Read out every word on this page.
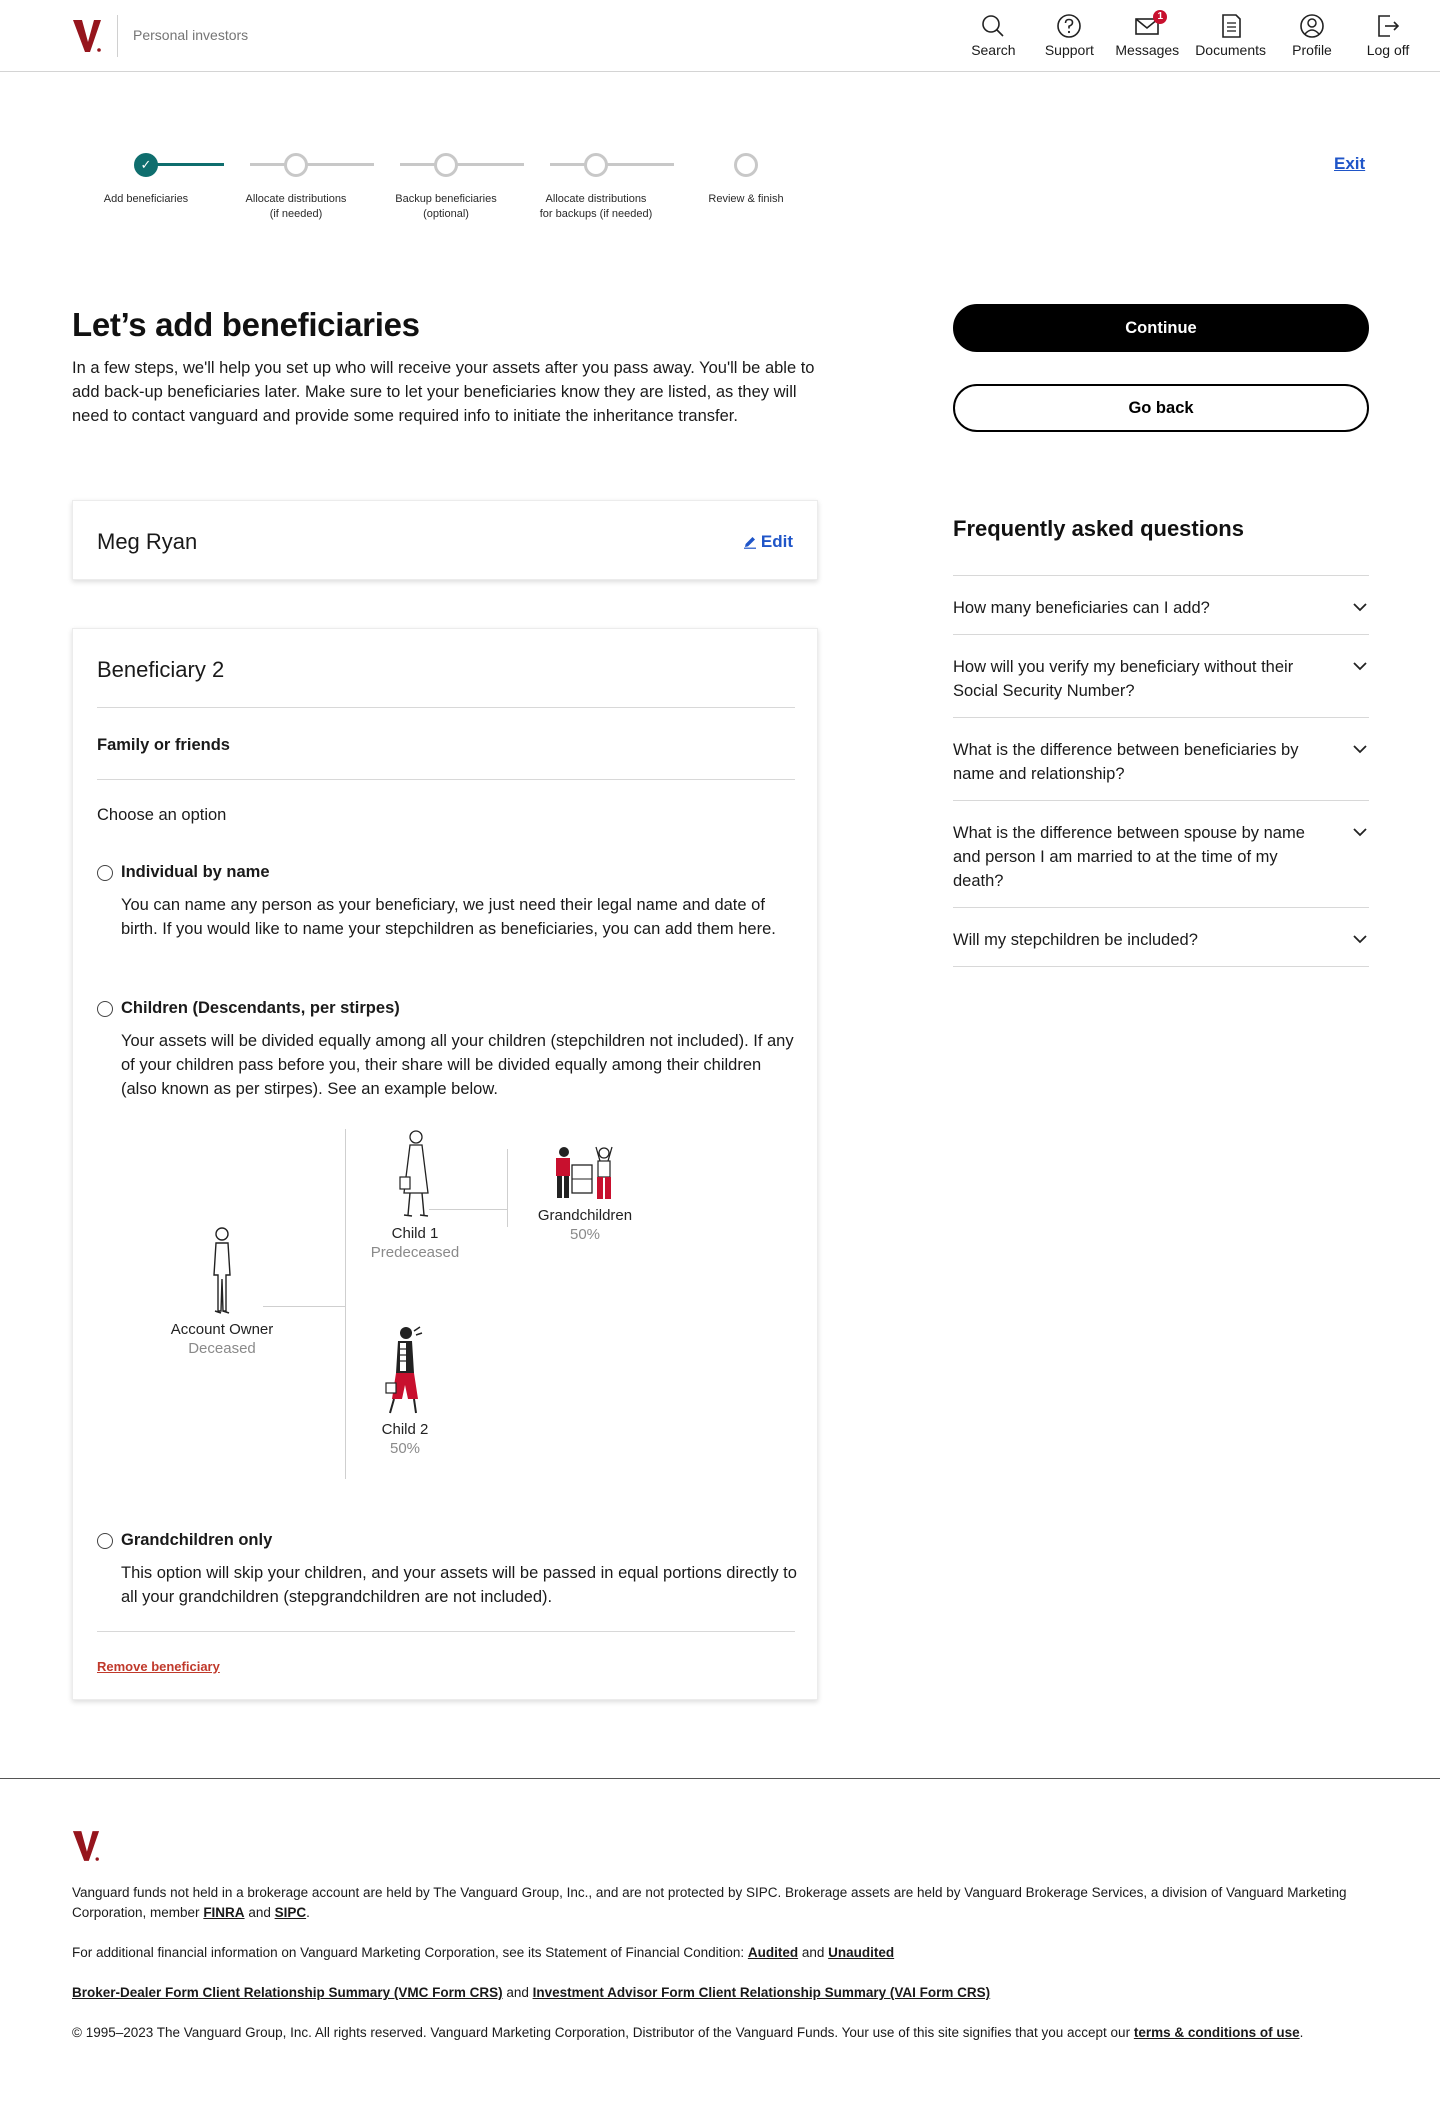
Personal investors
Search Support
1
Messages Documents Profile Log off
✓
Add beneficiaries	Allocate distributions
(if needed)
Backup beneficiaries
(optional)
Allocate distributions
for backups (if needed)
Review & finish
Exit
Let’s add beneficiaries

In a few steps, we'll help you set up who will receive your assets after you pass away. You'll be able to add back-up beneficiaries later. Make sure to let your beneficiaries know they are listed, as they will need to contact vanguard and provide some required info to initiate the inheritance transfer.

Meg Ryan	Edit
Beneficiary 2
Family or friends
Choose an option
Individual by name
You can name any person as your beneficiary, we just need their legal name and date of birth. If you would like to name your stepchildren as beneficiaries, you can add them here.
Children (Descendants, per stirpes)
Your assets will be divided equally among all your children (stepchildren not included). If any of your children pass before you, their share will be divided equally among their children (also known as per stirpes). See an example below.
Account Owner
Deceased
Child 1
Predeceased
Grandchildren
50%
Child 2
50%
Grandchildren only
This option will skip your children, and your assets will be passed in equal portions directly to all your grandchildren (stepgrandchildren are not included).
Remove beneficiary
Continue
Go back
Frequently asked questions
How many beneficiaries can I add?
How will you verify my beneficiary without their Social Security Number?
What is the difference between beneficiaries by name and relationship?
What is the difference between spouse by name and person I am married to at the time of my death?
Will my stepchildren be included?

Vanguard funds not held in a brokerage account are held by The Vanguard Group, Inc., and are not protected by SIPC. Brokerage assets are held by Vanguard Brokerage Services, a division of Vanguard Marketing Corporation, member FINRA and SIPC.

For additional financial information on Vanguard Marketing Corporation, see its Statement of Financial Condition: Audited and Unaudited

Broker-Dealer Form Client Relationship Summary (VMC Form CRS) and Investment Advisor Form Client Relationship Summary (VAI Form CRS)

© 1995–2023 The Vanguard Group, Inc. All rights reserved. Vanguard Marketing Corporation, Distributor of the Vanguard Funds. Your use of this site signifies that you accept our terms & conditions of use.
